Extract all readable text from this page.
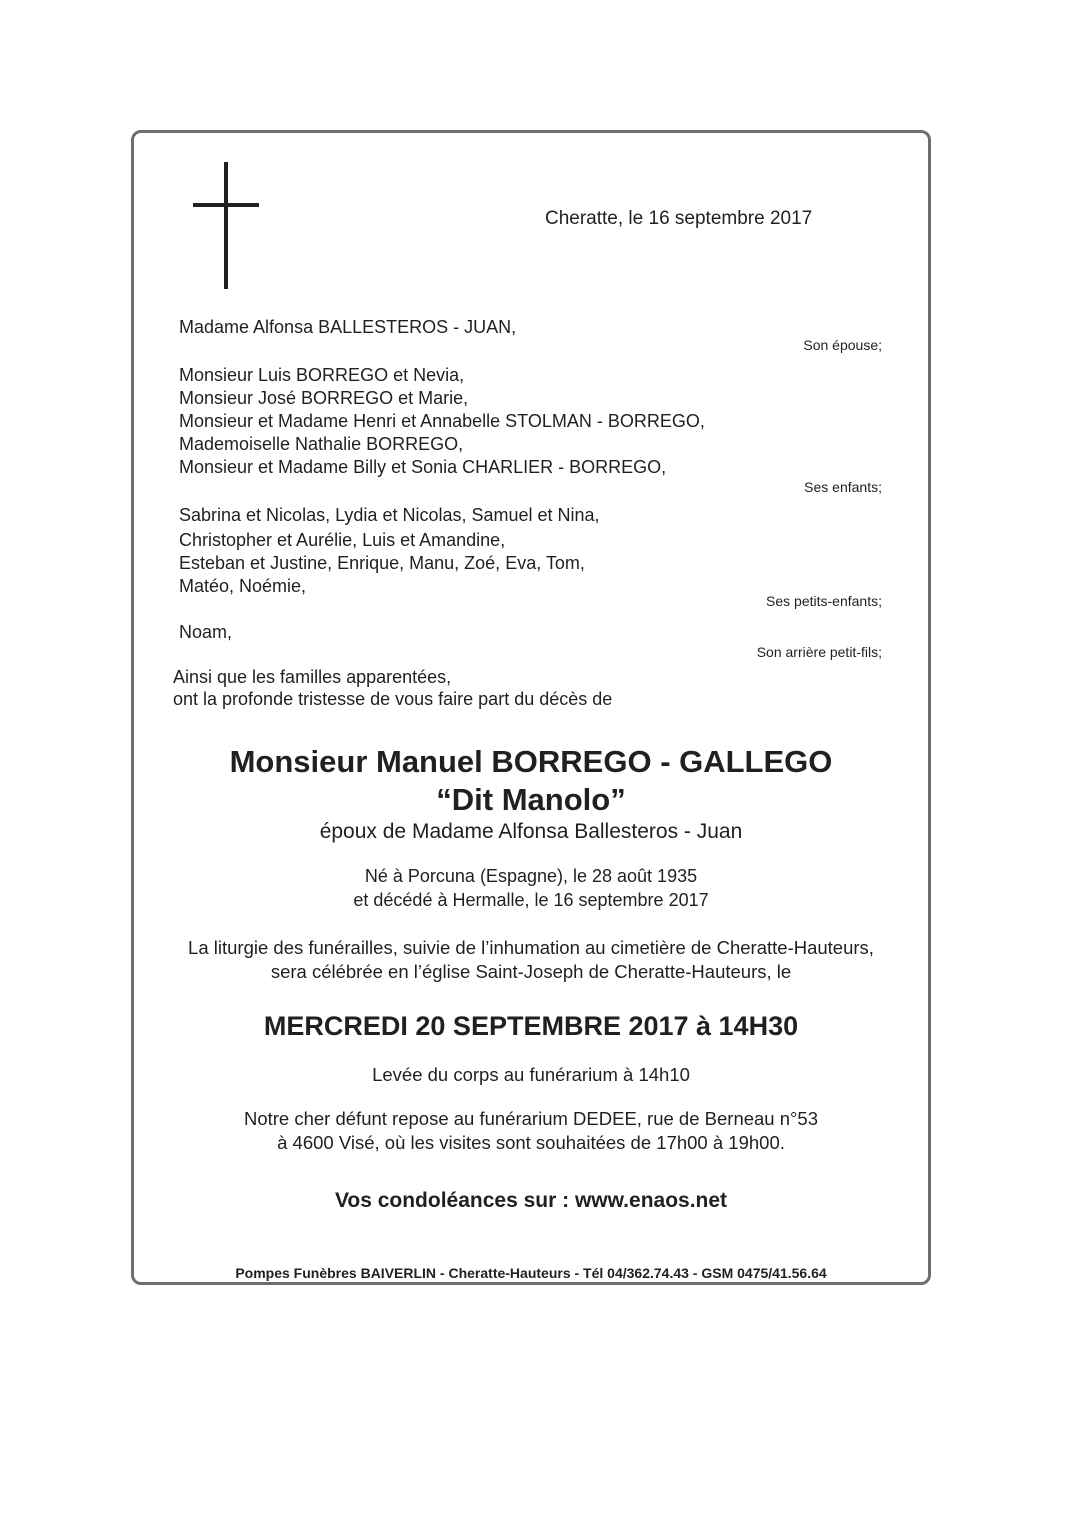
Cheratte, le 16 septembre 2017
Madame Alfonsa BALLESTEROS - JUAN,
Son épouse;
Monsieur Luis BORREGO et Nevia,
Monsieur José BORREGO et Marie,
Monsieur et Madame Henri et Annabelle STOLMAN - BORREGO,
Mademoiselle Nathalie BORREGO,
Monsieur et Madame Billy et Sonia CHARLIER - BORREGO,
Ses enfants;
Sabrina et Nicolas, Lydia et Nicolas, Samuel et Nina,
Christopher et Aurélie, Luis et Amandine,
Esteban et Justine, Enrique, Manu, Zoé, Eva, Tom,
Matéo, Noémie,
Ses petits-enfants;
Noam,
Son arrière petit-fils;
Ainsi que les familles apparentées,
ont la profonde tristesse de vous faire part du décès de
Monsieur Manuel BORREGO - GALLEGO
“Dit Manolo”
époux de Madame Alfonsa Ballesteros - Juan
Né à Porcuna (Espagne), le 28 août 1935
et décédé à Hermalle, le 16 septembre 2017
La liturgie des funérailles, suivie de l’inhumation au cimetière de Cheratte-Hauteurs,
sera célébrée en l’église Saint-Joseph de Cheratte-Hauteurs, le
MERCREDI 20 SEPTEMBRE 2017 à 14H30
Levée du corps au funérarium à 14h10
Notre cher défunt repose au funérarium DEDEE, rue de Berneau n°53
à 4600 Visé, où les visites sont souhaitées de 17h00 à 19h00.
Vos condoléances sur : www.enaos.net
Pompes Funèbres BAIVERLIN - Cheratte-Hauteurs - Tél 04/362.74.43 - GSM 0475/41.56.64
